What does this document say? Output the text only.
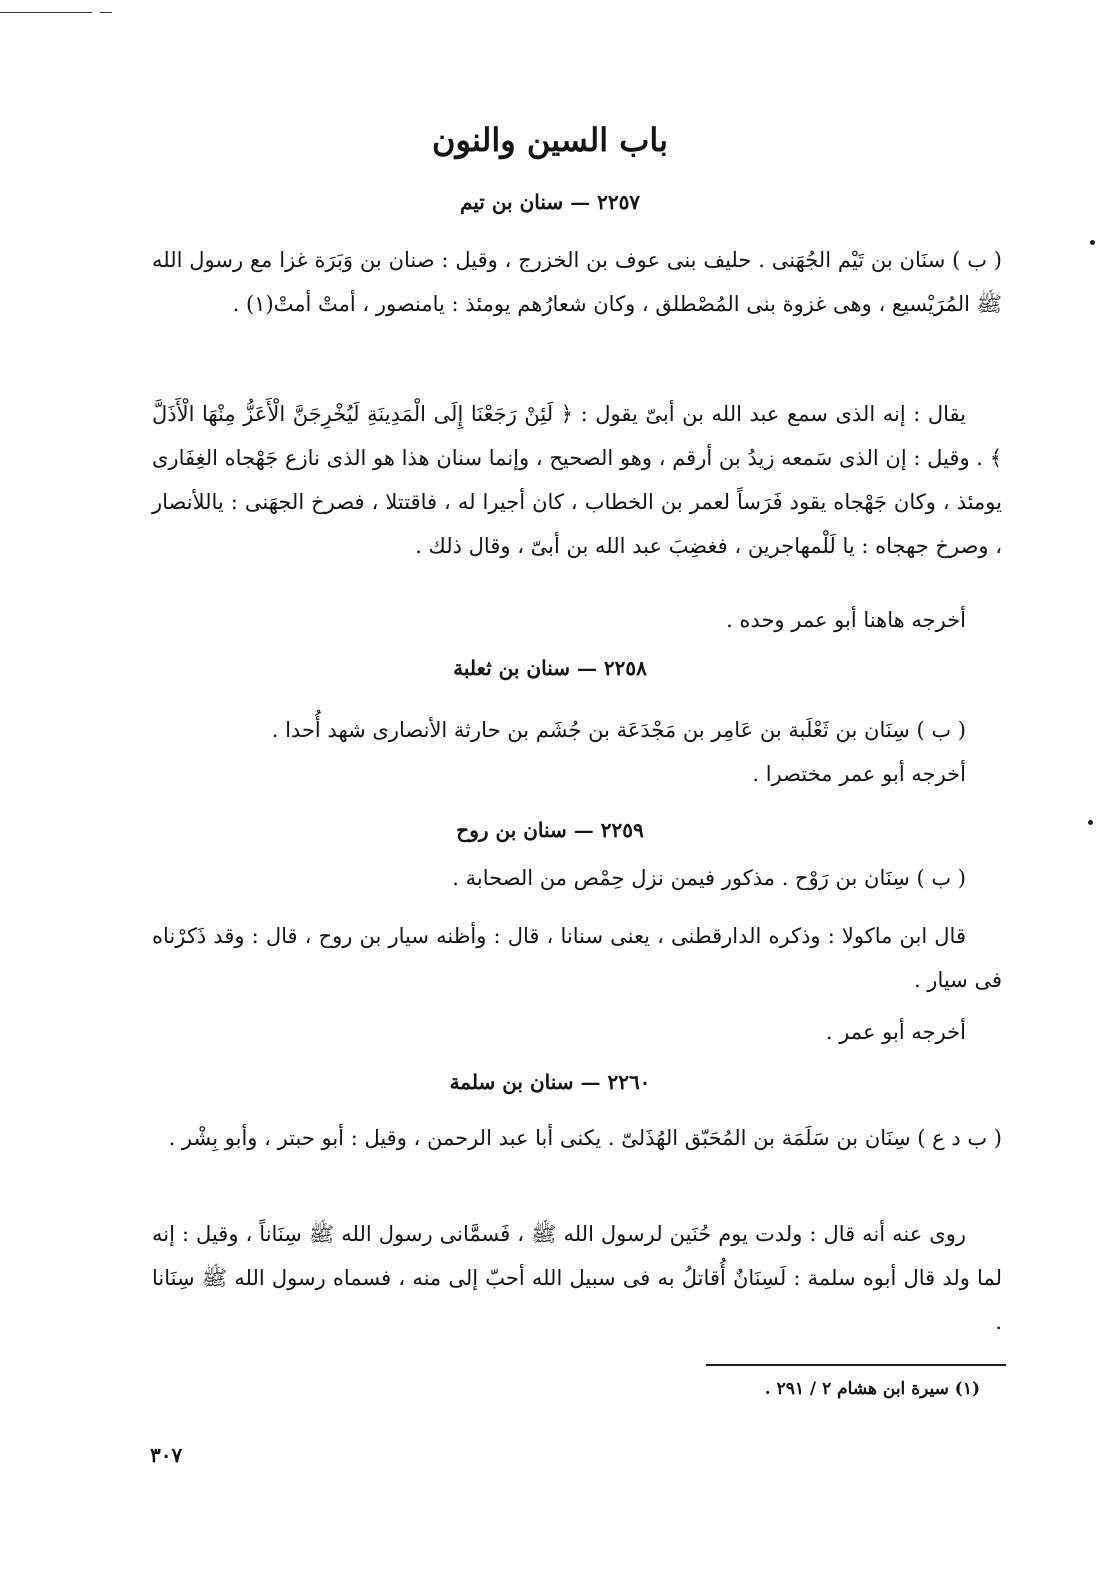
باب السين والنون
٢٢٥٧ — سنان بن تيم
( ب ) سنَان بن تَيْم الجُهَنى . حليف بنى عوف بن الخزرج ، وقيل : صنان بن وَبَرَة غزا مع رسول الله ﷺ المُرَيْسيع ، وهى غزوة بنى المُصْطلق ، وكان شعارُهم يومئذ : يامنصور ، أمتْ أمتْ(١) .
يقال : إنه الذى سمع عبد الله بن أبىّ يقول : ﴿ لَئِنْ رَجَعْنَا إِلَى الْمَدِينَةِ لَيُخْرِجَنَّ الْأَعَزُّ مِنْهَا الْأَذَلَّ ﴾ . وقيل : إن الذى سَمعه زيدُ بن أرقم ، وهو الصحيح ، وإنما سنان هذا هو الذى نازع جَهْجاه الغِفَارى يومئذ ، وكان جَهْجاه يقود فَرَساً لعمر بن الخطاب ، كان أجيرا له ، فاقتتلا ، فصرخ الجهَنى : ياللأنصار ، وصرخ جهجاه : يا لَلْمهاجرين ، فغضِبَ عبد الله بن أبىّ ، وقال ذلك .
أخرجه هاهنا أبو عمر وحده .
٢٢٥٨ — سنان بن ثعلبة
( ب ) سِنَان بن ثَعْلَبة بن عَامِر بن مَجْدَعَة بن جُشَم بن حارثة الأنصارى شهد أُحدا .
أخرجه أبو عمر مختصرا .
٢٢٥٩ — سنان بن روح
( ب ) سِنَان بن رَوْح . مذكور فيمن نزل حِمْص من الصحابة .
قال ابن ماكولا : وذكره الدارقطنى ، يعنى سنانا ، قال : وأظنه سيار بن روح ، قال : وقد ذَكرْناه فى سيار .
أخرجه أبو عمر .
٢٢٦٠ — سنان بن سلمة
( ب د ع ) سِنَان بن سَلَمَة بن المُحَبّق الهُذَلىّ . يكنى أبا عبد الرحمن ، وقيل : أبو حبتر ، وأبو بِشْر .
روى عنه أنه قال : ولدت يوم حُنَين لرسول الله ﷺ ، فَسمَّانى رسول الله ﷺ سِنَاناً ، وقيل : إنه لما ولد قال أبوه سلمة : لَسِنَانٌ أُقاتلُ به فى سبيل الله أحبّ إلى منه ، فسماه رسول الله ﷺ سِنَانا .
(١) سيرة ابن هشام ٢ / ٢٩١ .
٣٠٧
